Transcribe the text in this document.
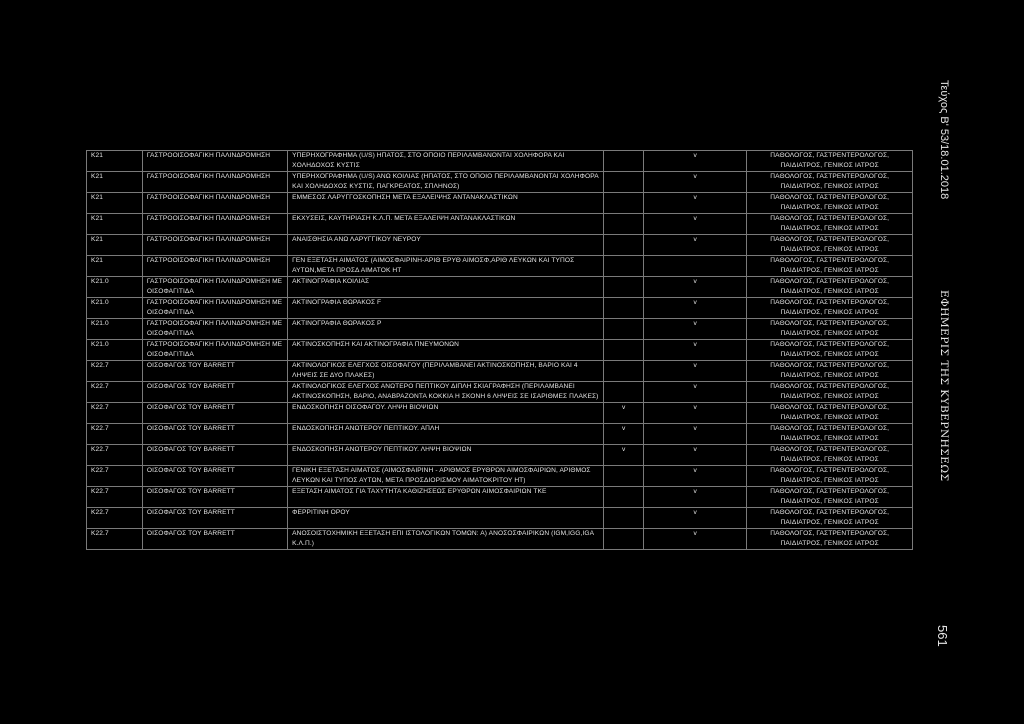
Κ21	ΓΑΣΤΡΟΟΙΣΟΦΑΓΙΚΗ ΠΑΛΙΝΔΡΟΜΗΣΗ	ΥΠΕΡΗΧΟΓΡΑΦΗΜΑ (U/S) ΗΠΑΤΟΣ, ΣΤΟ ΟΠΟΙΟ ΠΕΡΙΛΑΜΒΑΝΟΝΤΑΙ ΧΟΛΗΦΟΡΑ ΚΑΙ ΧΟΛΗΔΟΧΟΣ ΚΥΣΤΙΣ		v	ΠΑΘΟΛΟΓΟΣ, ΓΑΣΤΡΕΝΤΕΡΟΛΟΓΟΣ, ΠΑΙΔΙΑΤΡΟΣ, ΓΕΝΙΚΟΣ ΙΑΤΡΟΣ
Κ21	ΓΑΣΤΡΟΟΙΣΟΦΑΓΙΚΗ ΠΑΛΙΝΔΡΟΜΗΣΗ	ΥΠΕΡΗΧΟΓΡΑΦΗΜΑ (U/S) ΑΝΩ ΚΟΙΛΙΑΣ (ΗΠΑΤΟΣ, ΣΤΟ ΟΠΟΙΟ ΠΕΡΙΛΑΜΒΑΝΟΝΤΑΙ ΧΟΛΗΦΟΡΑ ΚΑΙ ΧΟΛΗΔΟΧΟΣ ΚΥΣΤΙΣ, ΠΑΓΚΡΕΑΤΟΣ, ΣΠΛΗΝΟΣ)		v	ΠΑΘΟΛΟΓΟΣ, ΓΑΣΤΡΕΝΤΕΡΟΛΟΓΟΣ, ΠΑΙΔΙΑΤΡΟΣ, ΓΕΝΙΚΟΣ ΙΑΤΡΟΣ
Κ21	ΓΑΣΤΡΟΟΙΣΟΦΑΓΙΚΗ ΠΑΛΙΝΔΡΟΜΗΣΗ	ΕΜΜΕΣΟΣ ΛΑΡΥΓΓΟΣΚΟΠΗΣΗ ΜΕΤΑ ΕΞΑΛΕΙΨΗΣ ΑΝΤΑΝΑΚΛΑΣΤΙΚΩΝ		v	ΠΑΘΟΛΟΓΟΣ, ΓΑΣΤΡΕΝΤΕΡΟΛΟΓΟΣ, ΠΑΙΔΙΑΤΡΟΣ, ΓΕΝΙΚΟΣ ΙΑΤΡΟΣ
Κ21	ΓΑΣΤΡΟΟΙΣΟΦΑΓΙΚΗ ΠΑΛΙΝΔΡΟΜΗΣΗ	ΕΚΧΥΣΕΙΣ, ΚΑΥΤΗΡΙΑΣΗ Κ.Λ.Π. ΜΕΤΑ ΕΞΑΛΕΙΨΗ ΑΝΤΑΝΑΚΛΑΣΤΙΚΩΝ		v	ΠΑΘΟΛΟΓΟΣ, ΓΑΣΤΡΕΝΤΕΡΟΛΟΓΟΣ, ΠΑΙΔΙΑΤΡΟΣ, ΓΕΝΙΚΟΣ ΙΑΤΡΟΣ
Κ21	ΓΑΣΤΡΟΟΙΣΟΦΑΓΙΚΗ ΠΑΛΙΝΔΡΟΜΗΣΗ	ΑΝΑΙΣΘΗΣΙΑ ΑΝΩ ΛΑΡΥΓΓΙΚΟΥ ΝΕΥΡΟΥ		v	ΠΑΘΟΛΟΓΟΣ, ΓΑΣΤΡΕΝΤΕΡΟΛΟΓΟΣ, ΠΑΙΔΙΑΤΡΟΣ, ΓΕΝΙΚΟΣ ΙΑΤΡΟΣ
Κ21	ΓΑΣΤΡΟΟΙΣΟΦΑΓΙΚΗ ΠΑΛΙΝΔΡΟΜΗΣΗ	ΓΕΝ ΕΞΕΤΑΣΗ ΑΙΜΑΤΟΣ (ΑΙΜΟΣΦΑΙΡΙΝΗ-ΑΡΙΘ ΕΡΥΘ ΑΙΜΟΣΦ,ΑΡΙΘ ΛΕΥΚΩΝ ΚΑΙ ΤΥΠΟΣ ΑΥΤΩΝ,ΜΕΤΑ ΠΡΟΣΔ ΑΙΜΑΤΟΚ ΗΤ			ΠΑΘΟΛΟΓΟΣ, ΓΑΣΤΡΕΝΤΕΡΟΛΟΓΟΣ, ΠΑΙΔΙΑΤΡΟΣ, ΓΕΝΙΚΟΣ ΙΑΤΡΟΣ
Κ21.0	ΓΑΣΤΡΟΟΙΣΟΦΑΓΙΚΗ ΠΑΛΙΝΔΡΟΜΗΣΗ ΜΕ ΟΙΣΟΦΑΓΙΤΙΔΑ	ΑΚΤΙΝΟΓΡΑΦΙΑ ΚΟΙΛΙΑΣ		v	ΠΑΘΟΛΟΓΟΣ, ΓΑΣΤΡΕΝΤΕΡΟΛΟΓΟΣ, ΠΑΙΔΙΑΤΡΟΣ, ΓΕΝΙΚΟΣ ΙΑΤΡΟΣ
Κ21.0	ΓΑΣΤΡΟΟΙΣΟΦΑΓΙΚΗ ΠΑΛΙΝΔΡΟΜΗΣΗ ΜΕ ΟΙΣΟΦΑΓΙΤΙΔΑ	ΑΚΤΙΝΟΓΡΑΦΙΑ ΘΩΡΑΚΟΣ F		v	ΠΑΘΟΛΟΓΟΣ, ΓΑΣΤΡΕΝΤΕΡΟΛΟΓΟΣ, ΠΑΙΔΙΑΤΡΟΣ, ΓΕΝΙΚΟΣ ΙΑΤΡΟΣ
Κ21.0	ΓΑΣΤΡΟΟΙΣΟΦΑΓΙΚΗ ΠΑΛΙΝΔΡΟΜΗΣΗ ΜΕ ΟΙΣΟΦΑΓΙΤΙΔΑ	ΑΚΤΙΝΟΓΡΑΦΙΑ ΘΩΡΑΚΟΣ Ρ		v	ΠΑΘΟΛΟΓΟΣ, ΓΑΣΤΡΕΝΤΕΡΟΛΟΓΟΣ, ΠΑΙΔΙΑΤΡΟΣ, ΓΕΝΙΚΟΣ ΙΑΤΡΟΣ
Κ21.0	ΓΑΣΤΡΟΟΙΣΟΦΑΓΙΚΗ ΠΑΛΙΝΔΡΟΜΗΣΗ ΜΕ ΟΙΣΟΦΑΓΙΤΙΔΑ	ΑΚΤΙΝΟΣΚΟΠΗΣΗ ΚΑΙ ΑΚΤΙΝΟΓΡΑΦΙΑ ΠΝΕΥΜΟΝΩΝ		v	ΠΑΘΟΛΟΓΟΣ, ΓΑΣΤΡΕΝΤΕΡΟΛΟΓΟΣ, ΠΑΙΔΙΑΤΡΟΣ, ΓΕΝΙΚΟΣ ΙΑΤΡΟΣ
Κ22.7	ΟΙΣΟΦΑΓΟΣ ΤΟΥ BARRETT	ΑΚΤΙΝΟΛΟΓΙΚΟΣ ΕΛΕΓΧΟΣ ΟΙΣΟΦΑΓΟΥ (ΠΕΡΙΛΑΜΒΑΝΕΙ ΑΚΤΙΝΟΣΚΟΠΗΣΗ, ΒΑΡΙΟ ΚΑΙ 4 ΛΗΨΕΙΣ ΣΕ ΔΥΟ ΠΛΑΚΕΣ)		v	ΠΑΘΟΛΟΓΟΣ, ΓΑΣΤΡΕΝΤΕΡΟΛΟΓΟΣ, ΠΑΙΔΙΑΤΡΟΣ, ΓΕΝΙΚΟΣ ΙΑΤΡΟΣ
Κ22.7	ΟΙΣΟΦΑΓΟΣ ΤΟΥ BARRETT	ΑΚΤΙΝΟΛΟΓΙΚΟΣ ΕΛΕΓΧΟΣ ΑΝΩΤΕΡΟ ΠΕΠΤΙΚΟΥ ΔΙΠΛΗ ΣΚΙΑΓΡΑΦΗΣΗ (ΠΕΡΙΛΑΜΒΑΝΕΙ ΑΚΤΙΝΟΣΚΟΠΗΣΗ, ΒΑΡΙΟ, ΑΝΑΒΡΑΖΟΝΤΑ ΚΟΚΚΙΑ Η ΣΚΟΝΗ 6 ΛΗΨΕΙΣ ΣΕ ΙΣΑΡΙΘΜΕΣ ΠΛΑΚΕΣ)		v	ΠΑΘΟΛΟΓΟΣ, ΓΑΣΤΡΕΝΤΕΡΟΛΟΓΟΣ, ΠΑΙΔΙΑΤΡΟΣ, ΓΕΝΙΚΟΣ ΙΑΤΡΟΣ
Κ22.7	ΟΙΣΟΦΑΓΟΣ ΤΟΥ BARRETT	ΕΝΔΟΣΚΟΠΗΣΗ ΟΙΣΟΦΑΓΟΥ. ΛΗΨΗ ΒΙΟΨΙΩΝ	v	v	ΠΑΘΟΛΟΓΟΣ, ΓΑΣΤΡΕΝΤΕΡΟΛΟΓΟΣ, ΠΑΙΔΙΑΤΡΟΣ, ΓΕΝΙΚΟΣ ΙΑΤΡΟΣ
Κ22.7	ΟΙΣΟΦΑΓΟΣ ΤΟΥ BARRETT	ΕΝΔΟΣΚΟΠΗΣΗ ΑΝΩΤΕΡΟΥ ΠΕΠΤΙΚΟΥ. ΑΠΛΗ	v	v	ΠΑΘΟΛΟΓΟΣ, ΓΑΣΤΡΕΝΤΕΡΟΛΟΓΟΣ, ΠΑΙΔΙΑΤΡΟΣ, ΓΕΝΙΚΟΣ ΙΑΤΡΟΣ
Κ22.7	ΟΙΣΟΦΑΓΟΣ ΤΟΥ BARRETT	ΕΝΔΟΣΚΟΠΗΣΗ ΑΝΩΤΕΡΟΥ ΠΕΠΤΙΚΟΥ. ΛΗΨΗ ΒΙΟΨΙΩΝ	v	v	ΠΑΘΟΛΟΓΟΣ, ΓΑΣΤΡΕΝΤΕΡΟΛΟΓΟΣ, ΠΑΙΔΙΑΤΡΟΣ, ΓΕΝΙΚΟΣ ΙΑΤΡΟΣ
Κ22.7	ΟΙΣΟΦΑΓΟΣ ΤΟΥ BARRETT	ΓΕΝΙΚΗ ΕΞΕΤΑΣΗ ΑΙΜΑΤΟΣ (ΑΙΜΟΣΦΑΙΡΙΝΗ - ΑΡΙΘΜΟΣ ΕΡΥΘΡΩΝ ΑΙΜΟΣΦΑΙΡΙΩΝ, ΑΡΙΘΜΟΣ ΛΕΥΚΩΝ ΚΑΙ ΤΥΠΟΣ ΑΥΤΩΝ, ΜΕΤΑ ΠΡΟΣΔΙΟΡΙΣΜΟΥ ΑΙΜΑΤΟΚΡΙΤΟΥ ΗΤ)		v	ΠΑΘΟΛΟΓΟΣ, ΓΑΣΤΡΕΝΤΕΡΟΛΟΓΟΣ, ΠΑΙΔΙΑΤΡΟΣ, ΓΕΝΙΚΟΣ ΙΑΤΡΟΣ
Κ22.7	ΟΙΣΟΦΑΓΟΣ ΤΟΥ BARRETT	ΕΞΕΤΑΣΗ ΑΙΜΑΤΟΣ ΓΙΑ ΤΑΧΥΤΗΤΑ ΚΑΘΙΖΗΣΕΩΣ ΕΡΥΘΡΩΝ ΑΙΜΟΣΦΑΙΡΙΩΝ ΤΚΕ		v	ΠΑΘΟΛΟΓΟΣ, ΓΑΣΤΡΕΝΤΕΡΟΛΟΓΟΣ, ΠΑΙΔΙΑΤΡΟΣ, ΓΕΝΙΚΟΣ ΙΑΤΡΟΣ
Κ22.7	ΟΙΣΟΦΑΓΟΣ ΤΟΥ BARRETT	ΦΕΡΡΙΤΙΝΗ ΟΡΟΥ		v	ΠΑΘΟΛΟΓΟΣ, ΓΑΣΤΡΕΝΤΕΡΟΛΟΓΟΣ, ΠΑΙΔΙΑΤΡΟΣ, ΓΕΝΙΚΟΣ ΙΑΤΡΟΣ
Κ22.7	ΟΙΣΟΦΑΓΟΣ ΤΟΥ BARRETT	ΑΝΟΣΟΙΣΤΟΧΗΜΙΚΗ ΕΞΕΤΑΣΗ ΕΠΙ ΙΣΤΟΛΟΓΙΚΩΝ ΤΟΜΩΝ: Α) ΑΝΟΣΟΣΦΑΙΡΙΚΩΝ (IGM,IGG,IGA Κ.Λ.Π.)		v	ΠΑΘΟΛΟΓΟΣ, ΓΑΣΤΡΕΝΤΕΡΟΛΟΓΟΣ, ΠΑΙΔΙΑΤΡΟΣ, ΓΕΝΙΚΟΣ ΙΑΤΡΟΣ
Τεύχος Β' 53/18.01.2018
ΕΦΗΜΕΡΙΣ ΤΗΣ ΚΥΒΕΡΝΗΣΕΩΣ
561
